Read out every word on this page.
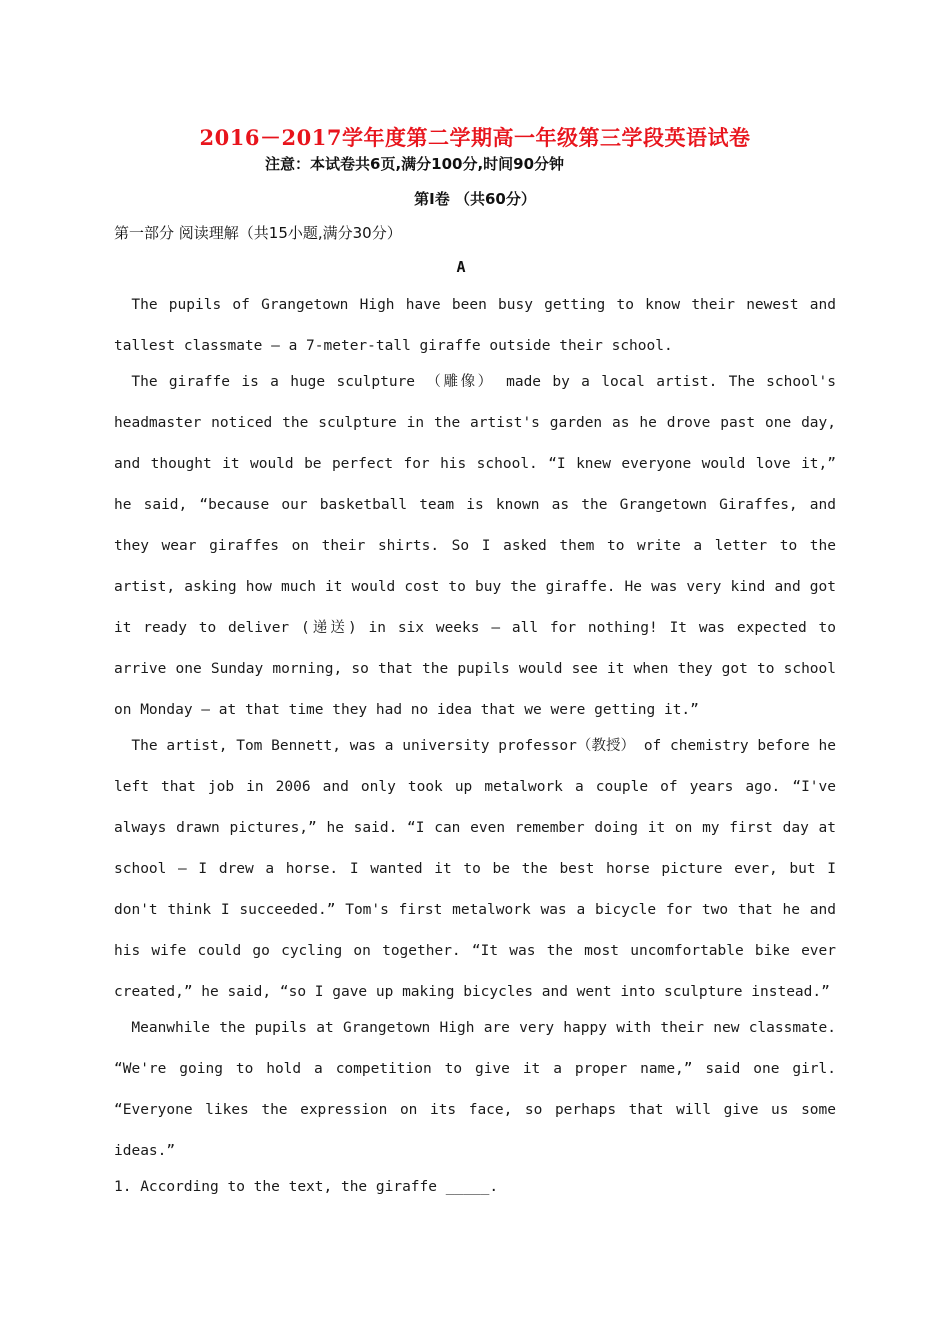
2016－2017学年度第二学期高一年级第三学段英语试卷
注意：本试卷共6页,满分100分,时间90分钟
第Ⅰ卷 （共60分）
第一部分 阅读理解（共15小题,满分30分）
A

The pupils of Grangetown High have been busy getting to know their newest and tallest classmate — a 7-meter-tall giraffe outside their school.

The giraffe is a huge sculpture （雕像） made by a local artist. The school's headmaster noticed the sculpture in the artist's garden as he drove past one day, and thought it would be perfect for his school. “I knew everyone would love it,” he said, “because our basketball team is known as the Grangetown Giraffes, and they wear giraffes on their shirts. So I asked them to write a letter to the artist, asking how much it would cost to buy the giraffe. He was very kind and got it ready to deliver (递送) in six weeks — all for nothing! It was expected to arrive one Sunday morning, so that the pupils would see it when they got to school on Monday — at that time they had no idea that we were getting it.”

The artist, Tom Bennett, was a university professor（教授） of chemistry before he left that job in 2006 and only took up metalwork a couple of years ago. “I've always drawn pictures,” he said. “I can even remember doing it on my first day at school — I drew a horse. I wanted it to be the best horse picture ever, but I don't think I succeeded.” Tom's first metalwork was a bicycle for two that he and his wife could go cycling on together. “It was the most uncomfortable bike ever created,” he said, “so I gave up making bicycles and went into sculpture instead.”

Meanwhile the pupils at Grangetown High are very happy with their new classmate. “We're going to hold a competition to give it a proper name,” said one girl. “Everyone likes the expression on its face, so perhaps that will give us some ideas.”

1. According to the text, the giraffe _____.
